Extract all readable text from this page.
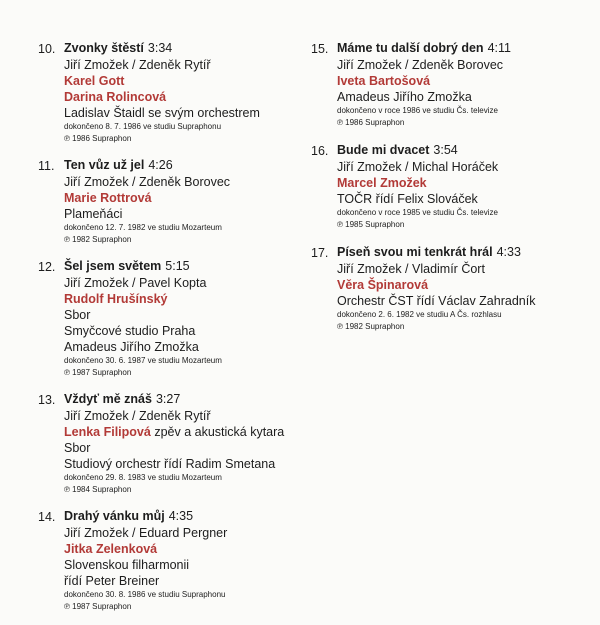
10. Zvonky štěstí 3:34
Jiří Zmožek / Zdeněk Rytíř
Karel Gott
Darina Rolincová
Ladislav Štaidl se svým orchestrem
dokončeno 8. 7. 1986 ve studiu Supraphonu
℗ 1986 Supraphon
11. Ten vůz už jel 4:26
Jiří Zmožek / Zdeněk Borovec
Marie Rottrová
Plameňáci
dokončeno 12. 7. 1982 ve studiu Mozarteum
℗ 1982 Supraphon
12. Šel jsem světem 5:15
Jiří Zmožek / Pavel Kopta
Rudolf Hrušínský
Sbor
Smyčcové studio Praha
Amadeus Jiřího Zmožka
dokončeno 30. 6. 1987 ve studiu Mozarteum
℗ 1987 Supraphon
13. Vždyť mě znáš 3:27
Jiří Zmožek / Zdeněk Rytíř
Lenka Filipová zpěv a akustická kytara
Sbor
Studiový orchestr řídí Radim Smetana
dokončeno 29. 8. 1983 ve studiu Mozarteum
℗ 1984 Supraphon
14. Drahý vánku můj 4:35
Jiří Zmožek / Eduard Pergner
Jitka Zelenková
Slovenskou filharmonii
řídí Peter Breiner
dokončeno 30. 8. 1986 ve studiu Supraphonu
℗ 1987 Supraphon
15. Máme tu další dobrý den 4:11
Jiří Zmožek / Zdeněk Borovec
Iveta Bartošová
Amadeus Jiřího Zmožka
dokončeno v roce 1986 ve studiu Čs. televize
℗ 1986 Supraphon
16. Bude mi dvacet 3:54
Jiří Zmožek / Michal Horáček
Marcel Zmožek
TOČR řídí Felix Slováček
dokončeno v roce 1985 ve studiu Čs. televize
℗ 1985 Supraphon
17. Píseň svou mi tenkrát hrál 4:33
Jiří Zmožek / Vladimír Čort
Věra Špinarová
Orchestr ČST řídí Václav Zahradník
dokončeno 2. 6. 1982 ve studiu A Čs. rozhlasu
℗ 1982 Supraphon
